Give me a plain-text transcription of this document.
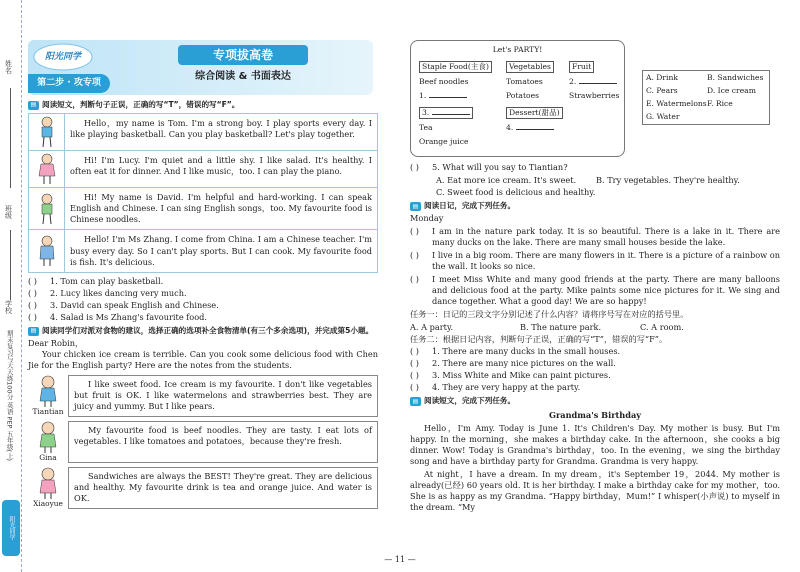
姓名
班级
学校
期末复习与天天练100分 英语 PEP 五年级(上)
阳光同学
阳光同学
第二步 · 攻专项
专项拔高卷
综合阅读 & 书面表达
▤ 阅读短文，判断句子正误，正确的写“T”，错误的写“F”。
Hello，my name is Tom. I'm a strong boy. I play sports every day. I like playing basketball. Can you play basketball? Let's play together.
Hi! I'm Lucy. I'm quiet and a little shy. I like salad. It's healthy. I often eat it for dinner. And I like music，too. I can play the piano.
Hi! My name is David. I'm helpful and hard-working. I can speak English and Chinese. I can sing English songs，too. My favourite food is Chinese noodles.
Hello! I'm Ms Zhang. I come from China. I am a Chinese teacher. I'm busy every day. So I can't play sports. But I can cook. My favourite food is fish. It's delicious.
( )	1. Tom can play basketball.
( )	2. Lucy likes dancing very much.
( )	3. David can speak English and Chinese.
( )	4. Salad is Ms Zhang's favourite food.
▤ 阅读同学们对派对食物的建议，选择正确的选项补全食物清单(有三个多余选项)，并完成第5小题。
Dear Robin，
Your chicken ice cream is terrible. Can you cook some delicious food with Chen Jie for the English party? Here are the notes from the students.
Tiantian
I like sweet food. Ice cream is my favourite. I don't like vegetables but fruit is OK. I like watermelons and strawberries best. They are juicy and yummy. But I like pears.
Gina
My favourite food is beef noodles. They are tasty. I eat lots of vegetables. I like tomatoes and potatoes，because they're fresh.
Xiaoyue
Sandwiches are always the BEST! They're great. They are delicious and healthy. My favourite drink is tea and orange juice. And water is OK.
Let's PARTY!
Staple Food(主食)	Vegetables	Fruit
Beef noodles	Tomatoes	2.
1.	Potatoes	Strawberries
3.	Dessert(甜品)
Tea	4.
Orange juice
A. Drink	B. Sandwiches
C. Pears	D. Ice cream
E. Watermelons F. Rice
G. Water
( )	5. What will you say to Tiantian?
A. Eat more ice cream. It's sweet.	B. Try vegetables. They're healthy.
C. Sweet food is delicious and healthy.
▤ 阅读日记，完成下列任务。
Monday
( )	I am in the nature park today. It is so beautiful. There is a lake in it. There are many ducks on the lake. There are many small houses beside the lake.
( )	I live in a big room. There are many flowers in it. There is a picture of a rainbow on the wall. It looks so nice.
( )	I meet Miss White and many good friends at the party. There are many balloons and delicious food at the party. Mike paints some nice pictures for it. We sing and dance together. What a good day! We are so happy!
任务一：日记的三段文字分别记述了什么内容？请将序号写在对应的括号里。
A. A party.	B. The nature park.	C. A room.
任务二：根据日记内容，判断句子正误，正确的写“T”，错误的写“F”。
( )	1. There are many ducks in the small houses.
( )	2. There are many nice pictures on the wall.
( )	3. Miss White and Mike can paint pictures.
( )	4. They are very happy at the party.
▤ 阅读短文，完成下列任务。
Grandma's Birthday
Hello，I'm Amy. Today is June 1. It's Children's Day. My mother is busy. But I'm happy. In the morning，she makes a birthday cake. In the afternoon，she cooks a big dinner. Wow! Today is Grandma's birthday，too. In the evening，we sing the birthday song and have a birthday party for Grandma. Grandma is very happy.
At night，I have a dream. In my dream，it's September 19，2044. My mother is already(已经) 60 years old. It is her birthday. I make a birthday cake for my mother，too. She is as happy as my Grandma. “Happy birthday，Mum!” I whisper(小声说) to myself in the dream. “My
— 11 —
